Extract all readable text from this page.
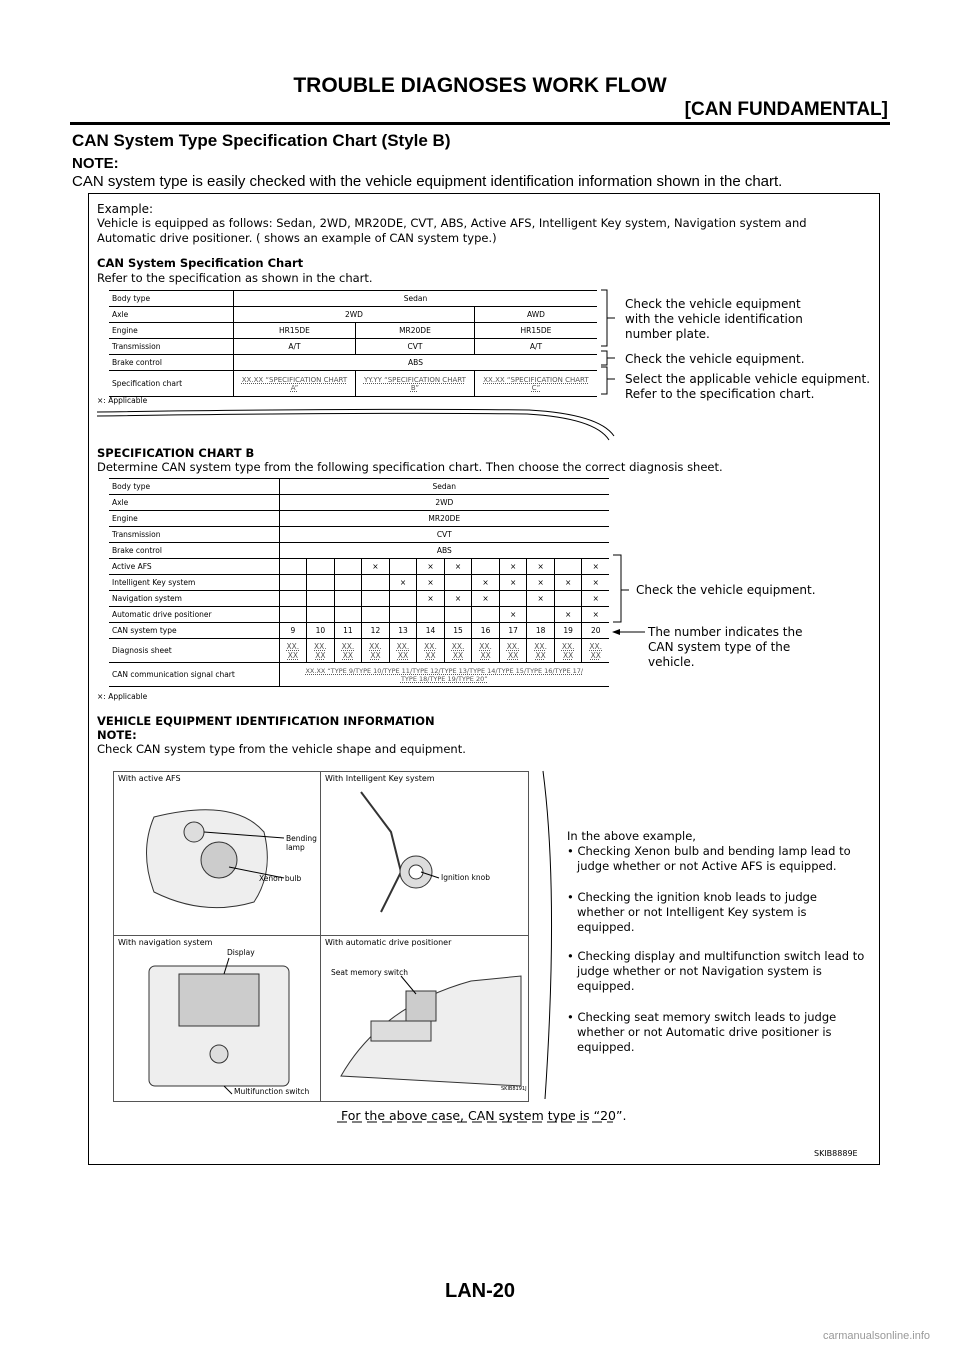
TROUBLE DIAGNOSES WORK FLOW
[CAN FUNDAMENTAL]
CAN System Type Specification Chart (Style B)
NOTE:
CAN system type is easily checked with the vehicle equipment identification information shown in the chart.
Example:
Vehicle is equipped as follows: Sedan, 2WD, MR20DE, CVT, ABS, Active AFS, Intelligent Key system, Navigation system and
Automatic drive positioner. ( shows an example of CAN system type.)
CAN System Specification Chart
Refer to the specification as shown in the chart.
Body type	Sedan		
Axle	2WD		AWD
Engine	HR15DE	MR20DE	HR15DE
Transmission	A/T	CVT	A/T
Brake control	ABS		
Specification chart	XX.XX “SPECIFICATION CHART A”	YY.YY “SPECIFICATION CHART B”	XX.XX “SPECIFICATION CHART C”
×: Applicable
Check the vehicle equipment with the vehicle identification number plate.
Check the vehicle equipment.
Select the applicable vehicle equipment. Refer to the specification chart.
SPECIFICATION CHART B
Determine CAN system type from the following specification chart. Then choose the correct diagnosis sheet.
Body type	Sedan											
Axle	2WD											
Engine	MR20DE											
Transmission	CVT											
Brake control	ABS											
Active AFS				×		×	×		×	×		×
Intelligent Key system					×	×		×	×	×	×	×
Navigation system						×	×	×		×		×
Automatic drive positioner									×		×	×
CAN system type	9	10	11	12	13	14	15	16	17	18	19	20
Diagnosis sheet	XX. XX	XX. XX	XX. XX	XX. XX	XX. XX	XX. XX	XX. XX	XX. XX	XX. XX	XX. XX	XX. XX	XX. XX
CAN communication signal chart	XX.XX “TYPE 9/TYPE 10/TYPE 11/TYPE 12/TYPE 13/TYPE 14/TYPE 15/TYPE 16/TYPE 17/
TYPE 18/TYPE 19/TYPE 20”											
×: Applicable
Check the vehicle equipment.
The number indicates the CAN system type of the vehicle.
VEHICLE EQUIPMENT IDENTIFICATION INFORMATION
NOTE:
Check CAN system type from the vehicle shape and equipment.
With active AFS
Bending
lamp
Xenon bulb
With Intelligent Key system
Ignition knob
With navigation system
Display
Multifunction switch
With automatic drive positioner
Seat memory switch
SKIB8191J
In the above example,
• Checking Xenon bulb and bending lamp lead to judge whether or not Active AFS is equipped.
• Checking the ignition knob leads to judge whether or not Intelligent Key system is equipped.
• Checking display and multifunction switch lead to judge whether or not Navigation system is equipped.
• Checking seat memory switch leads to judge whether or not Automatic drive positioner is equipped.
For the above case, CAN system type is “20”.
SKIB8889E
LAN-20
carmanualsonline.info
